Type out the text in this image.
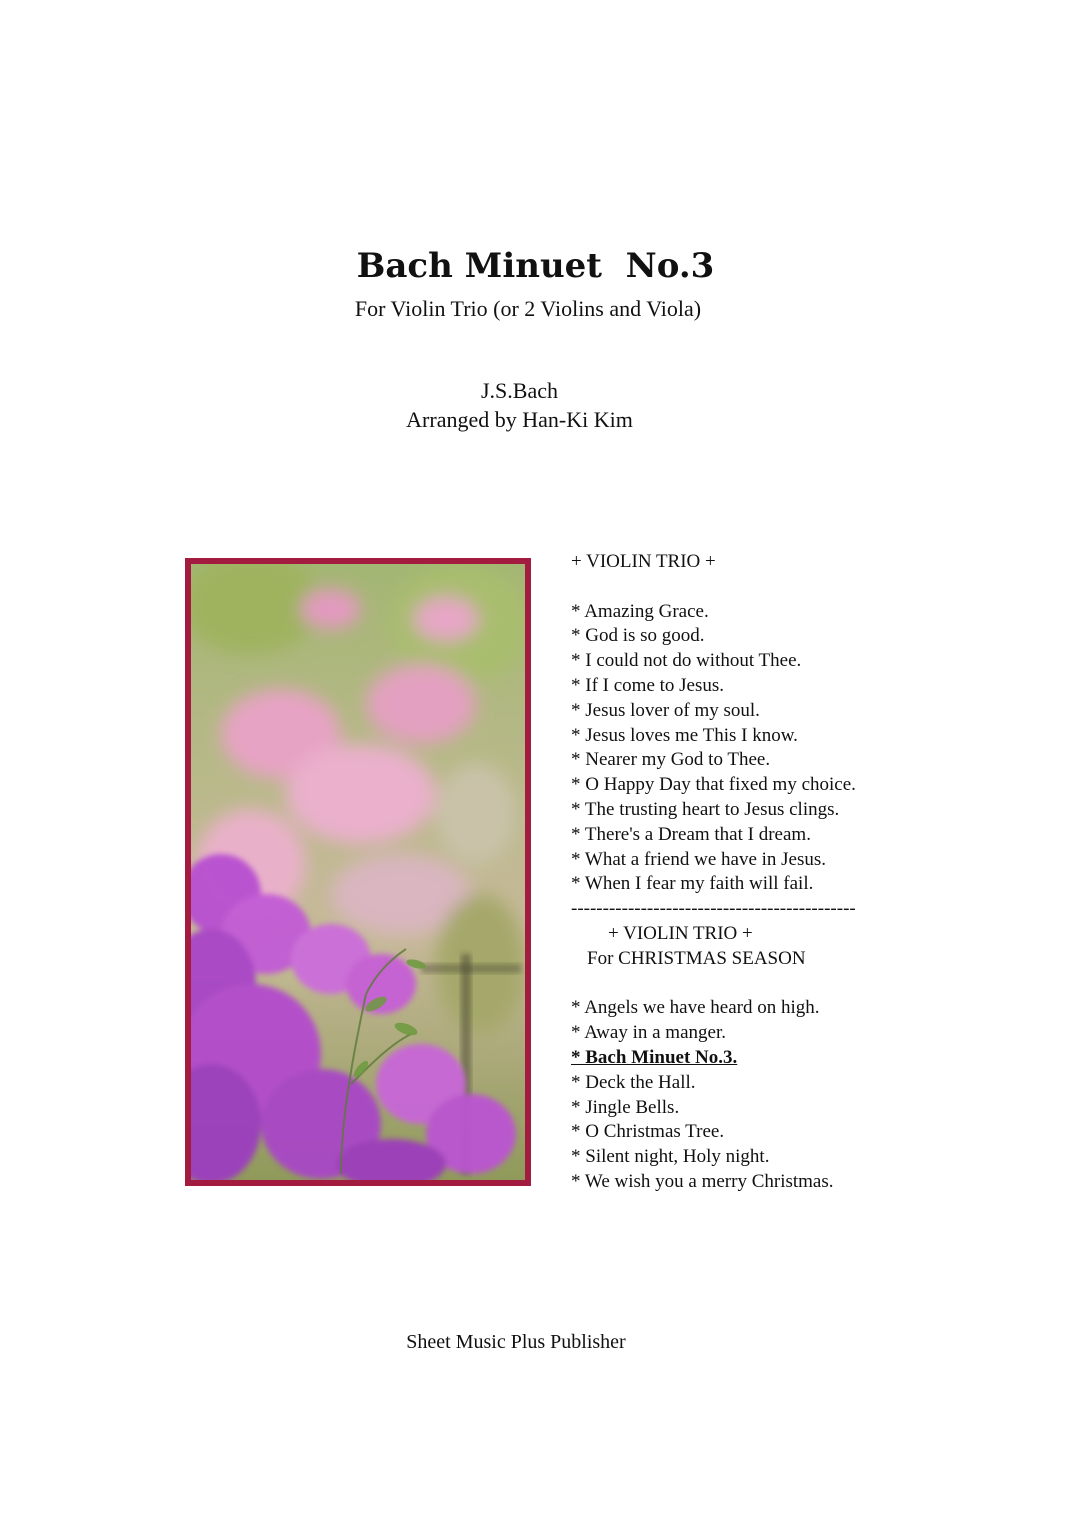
Bach Minuet  No.3
For Violin Trio (or 2 Violins and Viola)
J.S.Bach
Arranged by Han-Ki Kim
+ VIOLIN TRIO +
* Amazing Grace.
* God is so good.
* I could not do without Thee.
* If I come to Jesus.
* Jesus lover of my soul.
* Jesus loves me This I know.
* Nearer my God to Thee.
* O Happy Day that fixed my choice.
* The trusting heart to Jesus clings.
* There's a Dream that I dream.
* What a friend we have in Jesus.
* When I fear my faith will fail.
---------------------------------------------
+ VIOLIN TRIO +
For CHRISTMAS SEASON
* Angels we have heard on high.
* Away in a manger.
* Bach Minuet No.3.
* Deck the Hall.
* Jingle Bells.
* O Christmas Tree.
* Silent night, Holy night.
* We wish you a merry Christmas.
Sheet Music Plus Publisher
